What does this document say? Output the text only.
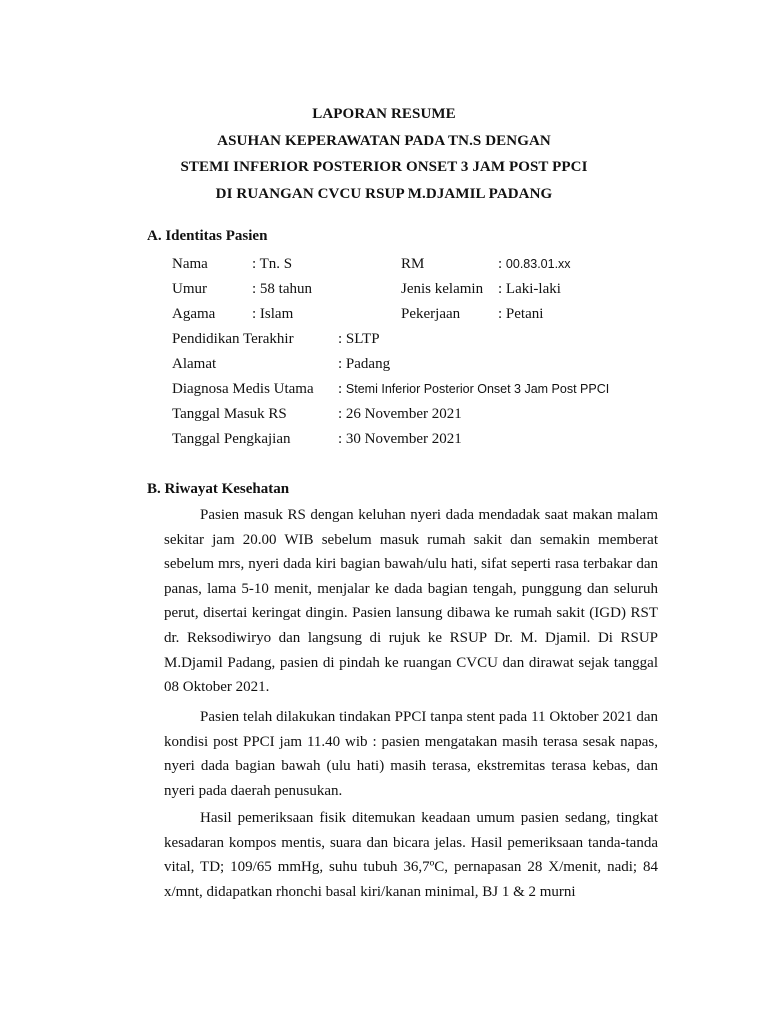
LAPORAN RESUME
ASUHAN KEPERAWATAN PADA TN.S DENGAN
STEMI INFERIOR POSTERIOR ONSET 3 JAM POST PPCI
DI RUANGAN CVCU RSUP M.DJAMIL PADANG
A. Identitas Pasien
Nama	: Tn. S	RM	: 00.83.01.xx
Umur	: 58 tahun	Jenis kelamin : Laki-laki
Agama : Islam	Pekerjaan	: Petani
Pendidikan Terakhir	: SLTP
Alamat	: Padang
Diagnosa Medis Utama : Stemi Inferior Posterior Onset 3 Jam Post PPCI
Tanggal Masuk RS	: 26 November 2021
Tanggal Pengkajian	: 30 November 2021
B. Riwayat Kesehatan

Pasien masuk RS dengan keluhan nyeri dada mendadak saat makan malam sekitar jam 20.00 WIB sebelum masuk rumah sakit dan semakin memberat sebelum mrs, nyeri dada kiri bagian bawah/ulu hati, sifat seperti rasa terbakar dan panas, lama 5-10 menit, menjalar ke dada bagian tengah, punggung dan seluruh perut, disertai keringat dingin. Pasien lansung dibawa ke rumah sakit (IGD) RST dr. Reksodiwiryo dan langsung di rujuk ke RSUP Dr. M. Djamil. Di RSUP M.Djamil Padang, pasien di pindah ke ruangan CVCU dan dirawat sejak tanggal 08 Oktober 2021.

Pasien telah dilakukan tindakan PPCI tanpa stent pada 11 Oktober 2021 dan kondisi post PPCI jam 11.40 wib : pasien mengatakan masih terasa sesak napas, nyeri dada bagian bawah (ulu hati) masih terasa, ekstremitas terasa kebas, dan nyeri pada daerah penusukan.

Hasil pemeriksaan fisik ditemukan keadaan umum pasien sedang, tingkat kesadaran kompos mentis, suara dan bicara jelas. Hasil pemeriksaan tanda-tanda vital, TD; 109/65 mmHg, suhu tubuh 36,7ºC, pernapasan 28 X/menit, nadi; 84 x/mnt, didapatkan rhonchi basal kiri/kanan minimal, BJ 1 & 2 murni
